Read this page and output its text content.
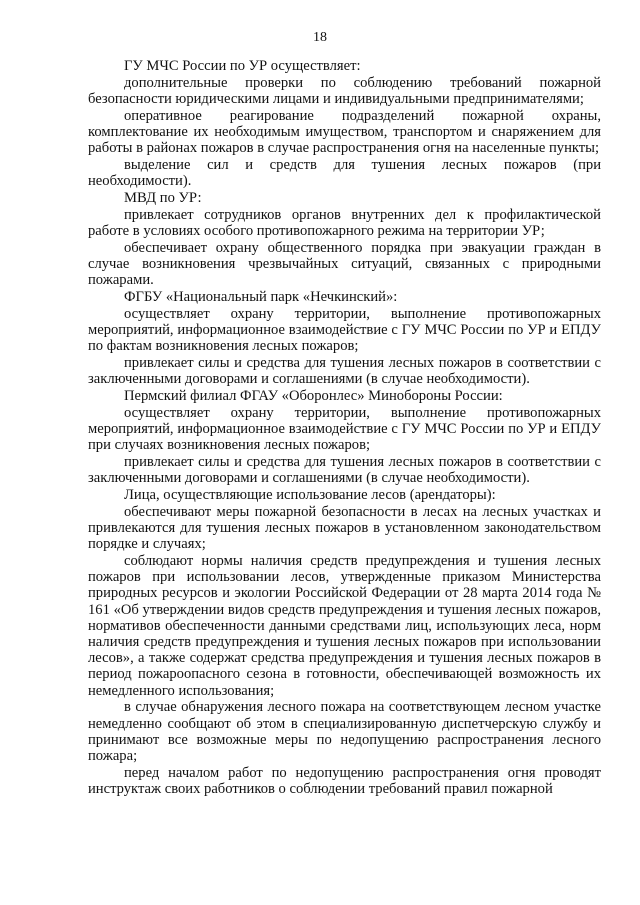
18

ГУ МЧС России по УР осуществляет:

дополнительные проверки по соблюдению требований пожарной безопасности юридическими лицами и индивидуальными предпринимателями;

оперативное реагирование подразделений пожарной охраны, комплектование их необходимым имуществом, транспортом и снаряжением для работы в районах пожаров в случае распространения огня на населенные пункты;

выделение сил и средств для тушения лесных пожаров (при необходимости).

МВД по УР:

привлекает сотрудников органов внутренних дел к профилактической работе в условиях особого противопожарного режима на территории УР;

обеспечивает охрану общественного порядка при эвакуации граждан в случае возникновения чрезвычайных ситуаций, связанных с природными пожарами.

ФГБУ «Национальный парк «Нечкинский»:

осуществляет охрану территории, выполнение противопожарных мероприятий, информационное взаимодействие с ГУ МЧС России по УР и ЕПДУ по фактам возникновения лесных пожаров;

привлекает силы и средства для тушения лесных пожаров в соответствии с заключенными договорами и соглашениями (в случае необходимости).

Пермский филиал ФГАУ «Оборонлес» Минобороны России:

осуществляет охрану территории, выполнение противопожарных мероприятий, информационное взаимодействие с ГУ МЧС России по УР и ЕПДУ при случаях возникновения лесных пожаров;

привлекает силы и средства для тушения лесных пожаров в соответствии с заключенными договорами и соглашениями (в случае необходимости).

Лица, осуществляющие использование лесов (арендаторы):

обеспечивают меры пожарной безопасности в лесах на лесных участках и привлекаются для тушения лесных пожаров в установленном законодательством порядке и случаях;

соблюдают нормы наличия средств предупреждения и тушения лесных пожаров при использовании лесов, утвержденные приказом Министерства природных ресурсов и экологии Российской Федерации от 28 марта 2014 года № 161 «Об утверждении видов средств предупреждения и тушения лесных пожаров, нормативов обеспеченности данными средствами лиц, использующих леса, норм наличия средств предупреждения и тушения лесных пожаров при использовании лесов», а также содержат средства предупреждения и тушения лесных пожаров в период пожароопасного сезона в готовности, обеспечивающей возможность их немедленного использования;

в случае обнаружения лесного пожара на соответствующем лесном участке немедленно сообщают об этом в специализированную диспетчерскую службу и принимают все возможные меры по недопущению распространения лесного пожара;

перед началом работ по недопущению распространения огня проводят инструктаж своих работников о соблюдении требований правил пожарной
